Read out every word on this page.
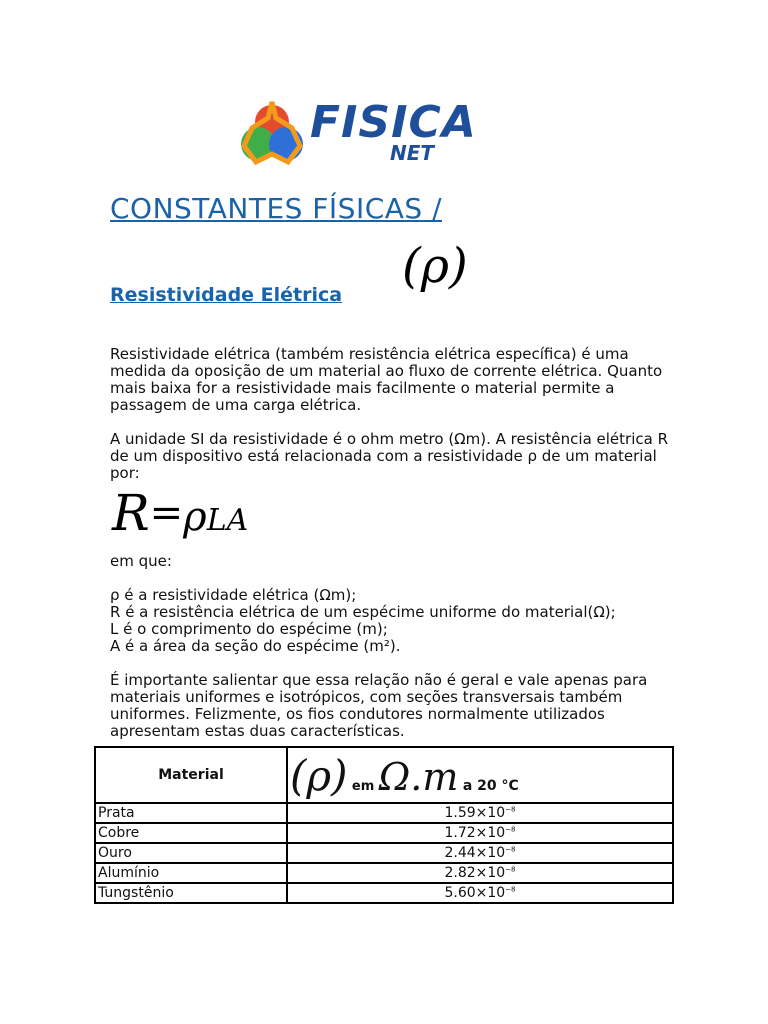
FISICA
NET
CONSTANTES FÍSICAS /
Resistividade Elétrica
(ρ)

Resistividade elétrica (também resistência elétrica específica) é uma medida da oposição de um material ao fluxo de corrente elétrica. Quanto mais baixa for a resistividade mais facilmente o material permite a passagem de uma carga elétrica.

A unidade SI da resistividade é o ohm metro (Ωm). A resistência elétrica R de um dispositivo está relacionada com a resistividade ρ de um material por:

R=ρLA

em que:

ρ é a resistividade elétrica (Ωm);
R é a resistência elétrica de um espécime uniforme do material(Ω);
L é o comprimento do espécime (m);
A é a área da seção do espécime (m²).

É importante salientar que essa relação não é geral e vale apenas para materiais uniformes e isotrópicos, com seções transversais também uniformes. Felizmente, os fios condutores normalmente utilizados apresentam estas duas características.

Material	(ρ) em Ω.m a 20 °C
Prata	$1.59\times 10^{-8}$
Cobre	$1.72\times 10^{-8}$
Ouro	$2.44\times 10^{-8}$
Alumínio	$2.82\times 10^{-8}$
Tungstênio	$5.60\times 10^{-8}$
